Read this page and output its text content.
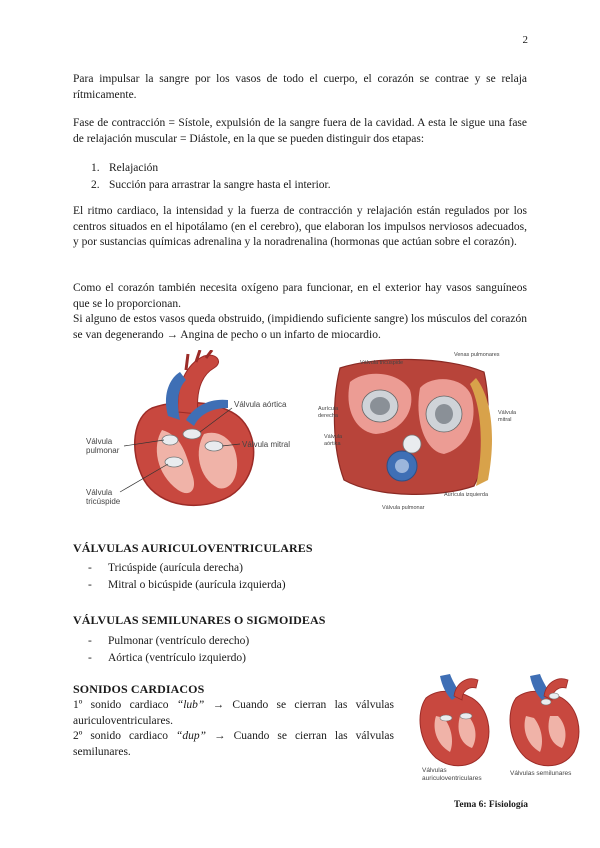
2

Para impulsar la sangre por los vasos de todo el cuerpo, el corazón se contrae y se relaja rítmicamente.

Fase de contracción = Sístole, expulsión de la sangre fuera de la cavidad. A esta le sigue una fase de relajación muscular = Diástole, en la que se pueden distinguir dos etapas:

1. Relajación
2. Succión para arrastrar la sangre hasta el interior.

El ritmo cardiaco, la intensidad y la fuerza de contracción y relajación están regulados por los centros situados en el hipotálamo (en el cerebro), que elaboran los impulsos nerviosos adecuados, y por sustancias químicas adrenalina y la noradrenalina (hormonas que actúan sobre el corazón).

Como el corazón también necesita oxígeno para funcionar, en el exterior hay vasos sanguíneos que se lo proporcionan.

Si alguno de estos vasos queda obstruido, (impidiendo suficiente sangre) los músculos del corazón se van degenerando → Angina de pecho o un infarto de miocardio.

Válvula aórtica
Válvula mitral
Válvula
pulmonar
Válvula
tricúspide
Válvula tricúspide
Venas pulmonares
Aurícula
derecha	Válvula
mitral
Válvula
aórtica
Aurícula izquierda
Válvula pulmonar
VÁLVULAS AURICULOVENTRICULARES
-	Tricúspide (aurícula derecha)
-	Mitral o bicúspide (aurícula izquierda)
VÁLVULAS SEMILUNARES O SIGMOIDEAS
-	Pulmonar (ventrículo derecho)
-	Aórtica (ventrículo izquierdo)
SONIDOS CARDIACOS

1º sonido cardiaco “lub” → Cuando se cierran las válvulas auriculoventriculares.

2º sonido cardiaco “dup” → Cuando se cierran las válvulas semilunares.

Válvulas
auriculoventriculares
Válvulas semilunares
Tema 6: Fisiología
